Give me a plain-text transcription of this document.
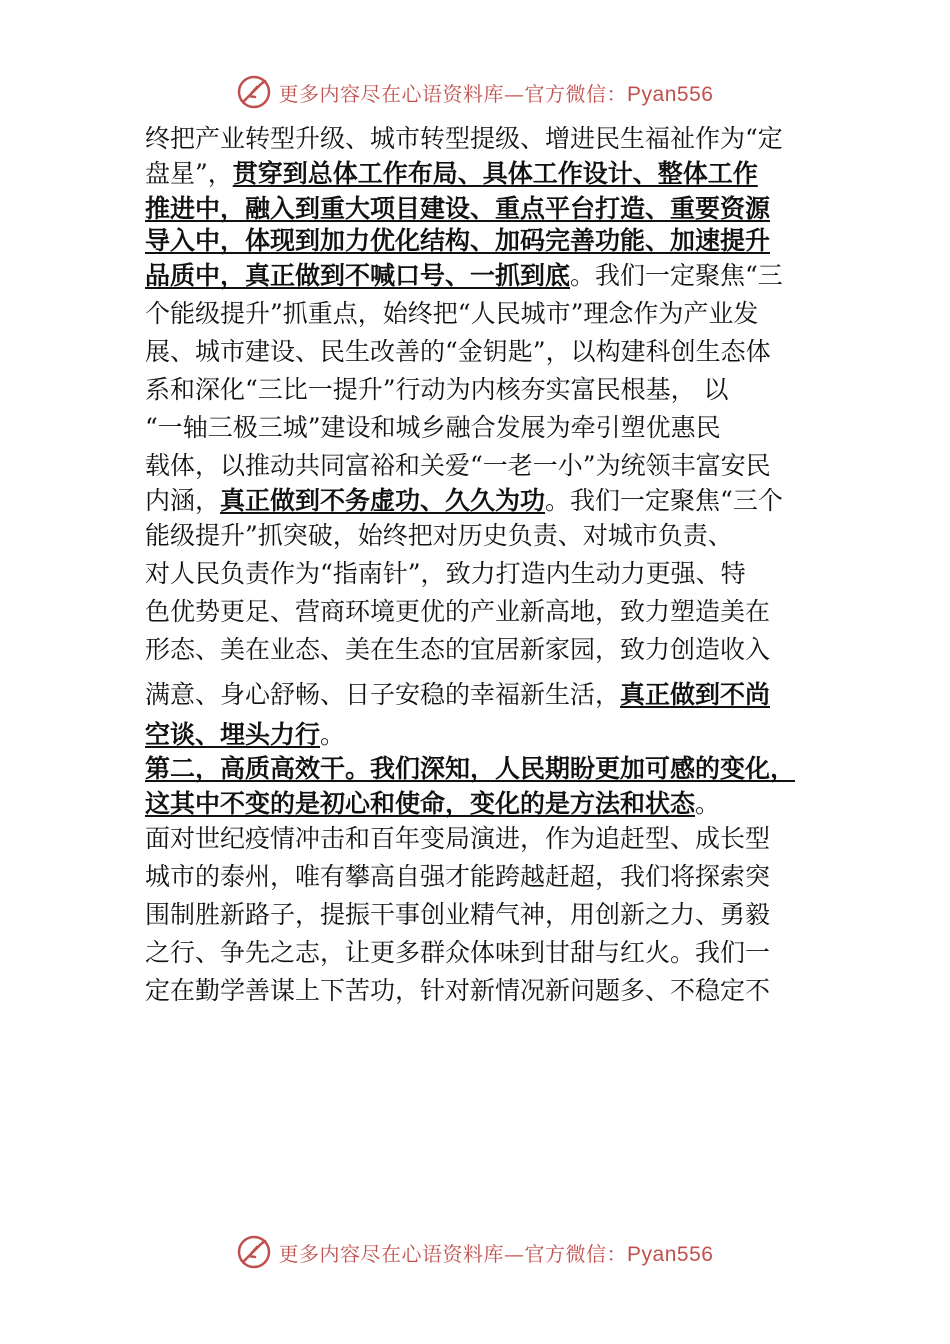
更多内容尽在心语资料库—官方微信：Pyan556
终把产业转型升级、城市转型提级、增进民生福祉作为“定
盘星”，贯穿到总体工作布局、具体工作设计、整体工作
推进中，融入到重大项目建设、重点平台打造、重要资源
导入中，体现到加力优化结构、加码完善功能、加速提升
品质中，真正做到不喊口号、一抓到底。我们一定聚焦“三
个能级提升”抓重点，始终把“人民城市”理念作为产业发
展、城市建设、民生改善的“金钥匙”，以构建科创生态体
系和深化“三比一提升”行动为内核夯实富民根基， 以
“一轴三极三城”建设和城乡融合发展为牵引塑优惠民
载体，以推动共同富裕和关爱“一老一小”为统领丰富安民
内涵，真正做到不务虚功、久久为功。我们一定聚焦“三个
能级提升”抓突破，始终把对历史负责、对城市负责、
对人民负责作为“指南针”，致力打造内生动力更强、特
色优势更足、营商环境更优的产业新高地，致力塑造美在
形态、美在业态、美在生态的宜居新家园，致力创造收入
满意、身心舒畅、日子安稳的幸福新生活，真正做到不尚
空谈、埋头力行。
第二，高质高效干。我们深知，人民期盼更加可感的变化，
这其中不变的是初心和使命，变化的是方法和状态。
面对世纪疫情冲击和百年变局演进，作为追赶型、成长型
城市的泰州，唯有攀高自强才能跨越赶超，我们将探索突
围制胜新路子，提振干事创业精气神，用创新之力、勇毅
之行、争先之志，让更多群众体味到甘甜与红火。我们一
定在勤学善谋上下苦功，针对新情况新问题多、不稳定不
更多内容尽在心语资料库—官方微信：Pyan556
